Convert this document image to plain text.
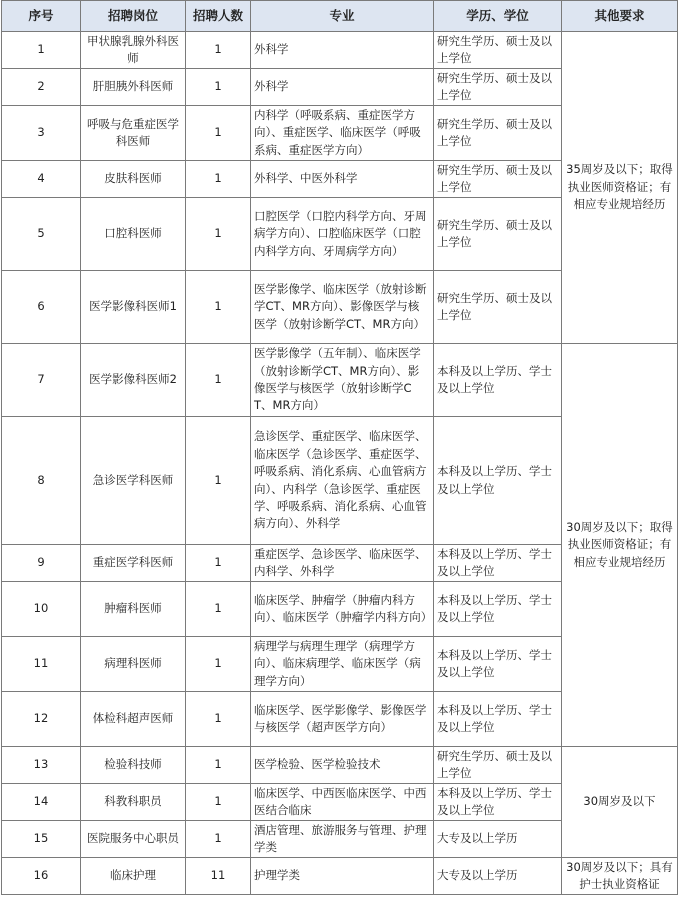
序号	招聘岗位	招聘人数	专业	学历、学位	其他要求
1	甲状腺乳腺外科医师	1	外科学	研究生学历、硕士及以上学位	35周岁及以下；取得执业医师资格证；有相应专业规培经历
2	肝胆胰外科医师	1	外科学	研究生学历、硕士及以上学位	
3	呼吸与危重症医学科医师	1	内科学（呼吸系病、重症医学方向）、重症医学、临床医学（呼吸系病、重症医学方向）	研究生学历、硕士及以上学位	
4	皮肤科医师	1	外科学、中医外科学	研究生学历、硕士及以上学位	
5	口腔科医师	1	口腔医学（口腔内科学方向、牙周病学方向）、口腔临床医学（口腔内科学方向、牙周病学方向）	研究生学历、硕士及以上学位	
6	医学影像科医师1	1	医学影像学、临床医学（放射诊断学CT、MR方向）、影像医学与核医学（放射诊断学CT、MR方向）	研究生学历、硕士及以上学位	
7	医学影像科医师2	1	医学影像学（五年制）、临床医学（放射诊断学CT、MR方向）、影像医学与核医学（放射诊断学CT、MR方向）	本科及以上学历、学士及以上学位	30周岁及以下；取得执业医师资格证；有相应专业规培经历
8	急诊医学科医师	1	急诊医学、重症医学、临床医学、临床医学（急诊医学、重症医学、呼吸系病、消化系病、心血管病方向）、内科学（急诊医学、重症医学、呼吸系病、消化系病、心血管病方向）、外科学	本科及以上学历、学士及以上学位	
9	重症医学科医师	1	重症医学、急诊医学、临床医学、内科学、外科学	本科及以上学历、学士及以上学位	
10	肿瘤科医师	1	临床医学、肿瘤学（肿瘤内科方向）、临床医学（肿瘤学内科方向）	本科及以上学历、学士及以上学位	
11	病理科医师	1	病理学与病理生理学（病理学方向）、临床病理学、临床医学（病理学方向）	本科及以上学历、学士及以上学位	
12	体检科超声医师	1	临床医学、医学影像学、影像医学与核医学（超声医学方向）	本科及以上学历、学士及以上学位	
13	检验科技师	1	医学检验、医学检验技术	研究生学历、硕士及以上学位	30周岁及以下
14	科教科职员	1	临床医学、中西医临床医学、中西医结合临床	本科及以上学历、学士及以上学位	
15	医院服务中心职员	1	酒店管理、旅游服务与管理、护理学类	大专及以上学历	
16	临床护理	11	护理学类	大专及以上学历	30周岁及以下；具有护士执业资格证
